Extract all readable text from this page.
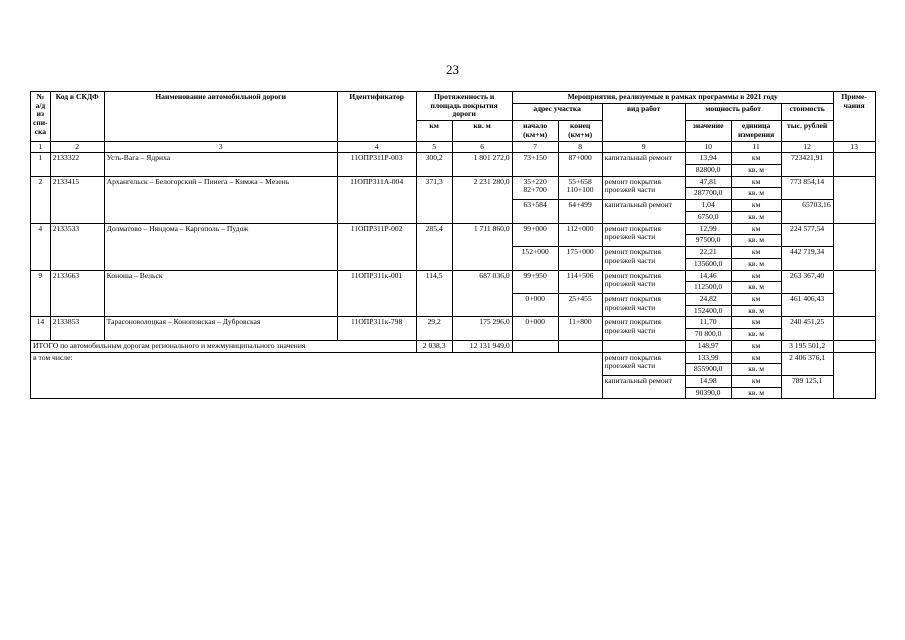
23
№ а/д из спи-ска	Код в СКДФ	Наименование автомобильной дороги	Идентификатор	Протяженность и площадь покрытия дороги		Мероприятия, реализуемые в рамках программы в 2021 году						Приме-чания
						адрес участка		вид работ	мощность работ		стоимость	
				км	кв. м	начало (км+м)	конец (км+м)		значение	единица измерения	тыс. рублей	
1	2	3	4	5	6	7	8	9	10	11	12	13
1	2133322	Усть-Вага – Ядриха	11ОПР311Р-003	300,2	1 801 272,0	73+150	87+000	капитальный ремонт	13,94	км	723421,91	
									82800,0	кв. м		
2	2133415	Архангельск – Белогорский – Пинега – Кимжа – Мезень	11ОПР311А-004	371,3	2 231 280,0	35+220 82+700	55+658 110+100	ремонт покрытия проезжей части	47,81	км	773 854,14	
									287700,0	кв. м		
						63+584	64+499	капитальный ремонт	1,04	км	65703,16	
									6750,0	кв. м		
4	2133533	Долматово – Няндома – Каргополь – Пудож	11ОПР311Р-002	285,4	1 711 860,0	99+000	112+000	ремонт покрытия проезжей части	12,99	км	224 577,54	
									97500,0	кв. м		
						152+000	175+000	ремонт покрытия проезжей части	22,21	км	442 719,34	
									135600,0	кв. м		
9	2133663	Коноша – Вельск	11ОПР311к-001	114,5	687 036,0	99+950	114+506	ремонт покрытия проезжей части	14,46	км	263 367,40	
									112500,0	кв. м		
						0+000	25+455	ремонт покрытия проезжей части	24,82	км	461 406,43	
									152400,0	кв. м		
14	2133853	Тарасоноволоцкая – Коноповская – Дубровская	11ОПР311к-798	29,2	175 296,0	0+000	11+800	ремонт покрытия проезжей части	11,70	км	240 451,25	
									70 800,0	кв. м		
ИТОГО по автомобильным дорогам регионального и межмуниципального значения				2 038,3	12 131 949,0				148,97	км	3 195 501,2	
в том числе:								ремонт покрытия проезжей части	133,99	км	2 406 376,1	
									855900,0	кв. м		
								капитальный ремонт	14,98	км	789 125,1	
									90390,0	кв. м		
